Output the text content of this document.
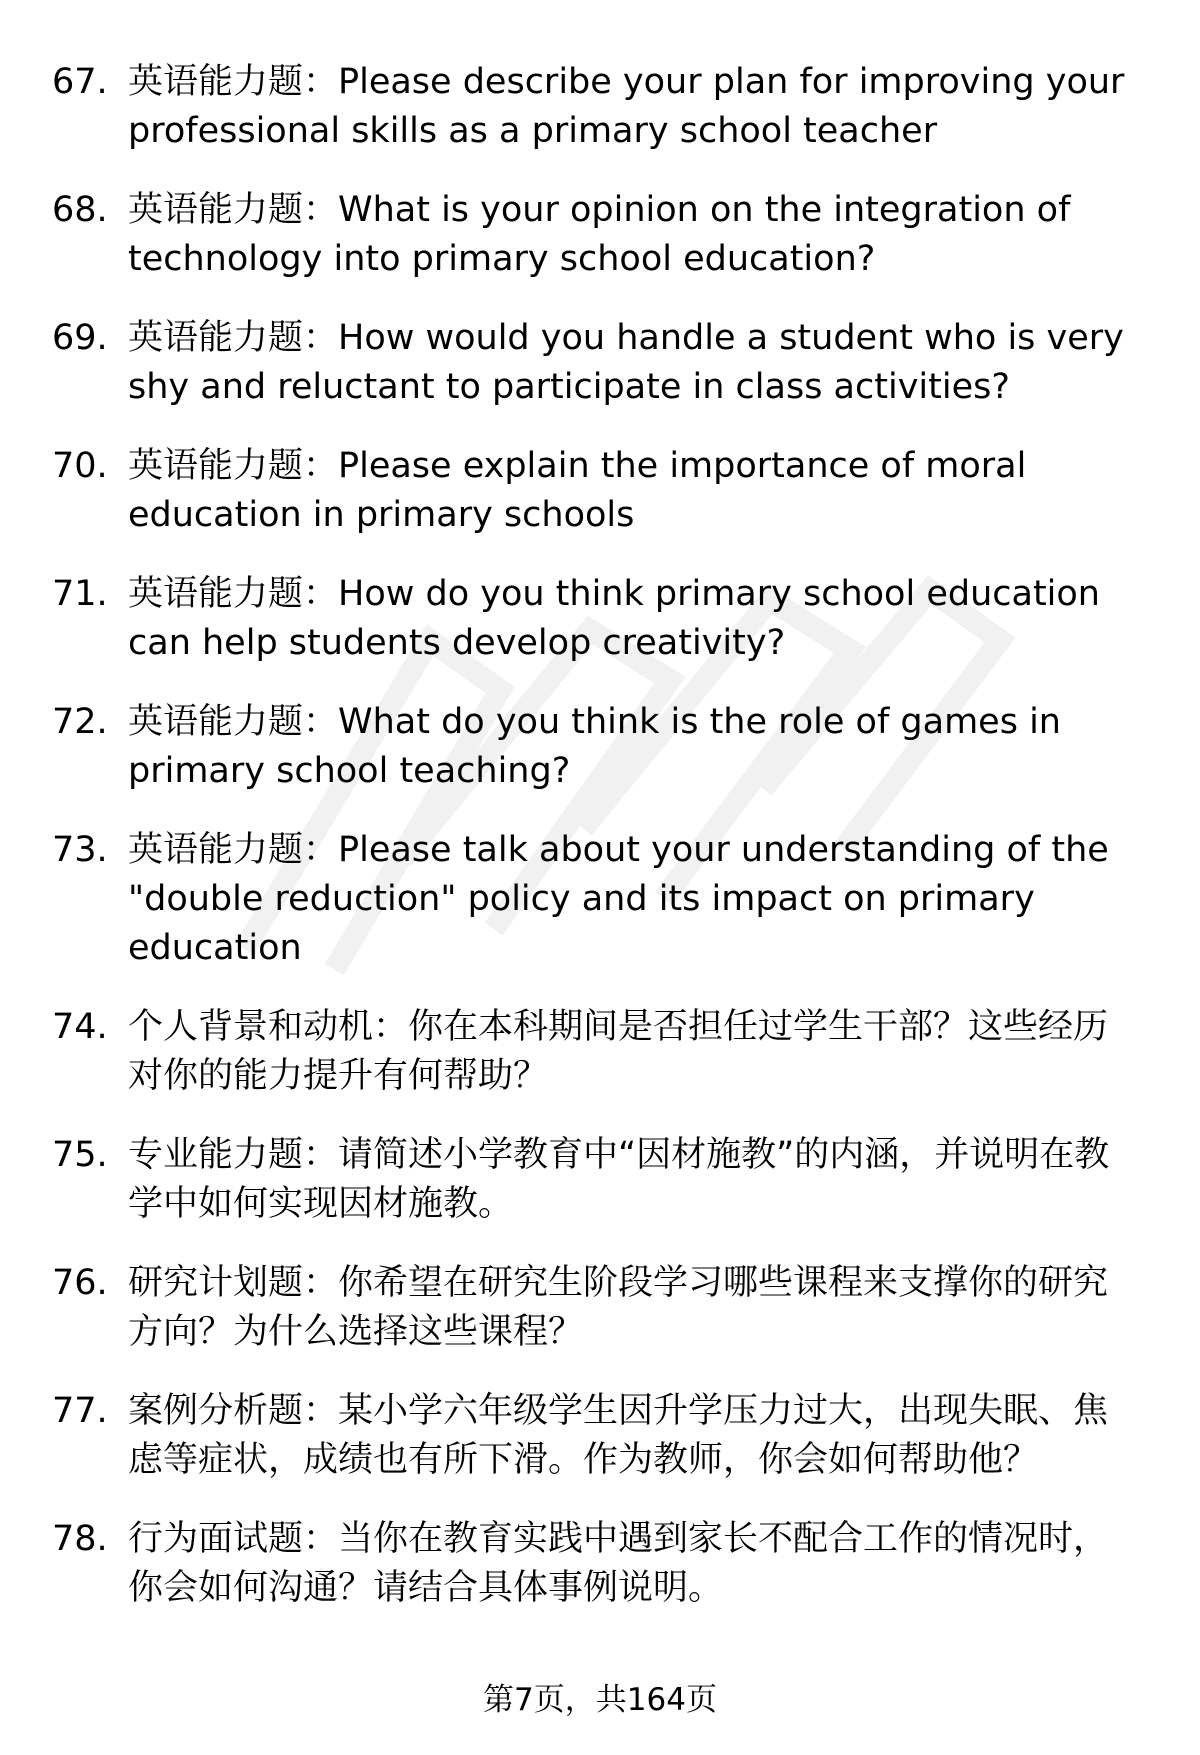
67. 英语能力题：Please describe your plan for improving your professional skills as a primary school teacher
68. 英语能力题：What is your opinion on the integration of technology into primary school education?
69. 英语能力题：How would you handle a student who is very shy and reluctant to participate in class activities?
70. 英语能力题：Please explain the importance of moral education in primary schools
71. 英语能力题：How do you think primary school education can help students develop creativity?
72. 英语能力题：What do you think is the role of games in primary school teaching?
73. 英语能力题：Please talk about your understanding of the "double reduction" policy and its impact on primary education
74. 个人背景和动机：你在本科期间是否担任过学生干部？这些经历对你的能力提升有何帮助？
75. 专业能力题：请简述小学教育中“因材施教”的内涵，并说明在教学中如何实现因材施教。
76. 研究计划题：你希望在研究生阶段学习哪些课程来支撑你的研究方向？为什么选择这些课程？
77. 案例分析题：某小学六年级学生因升学压力过大，出现失眠、焦虑等症状，成绩也有所下滑。作为教师，你会如何帮助他？
78. 行为面试题：当你在教育实践中遇到家长不配合工作的情况时，你会如何沟通？请结合具体事例说明。
第7页，共164页
